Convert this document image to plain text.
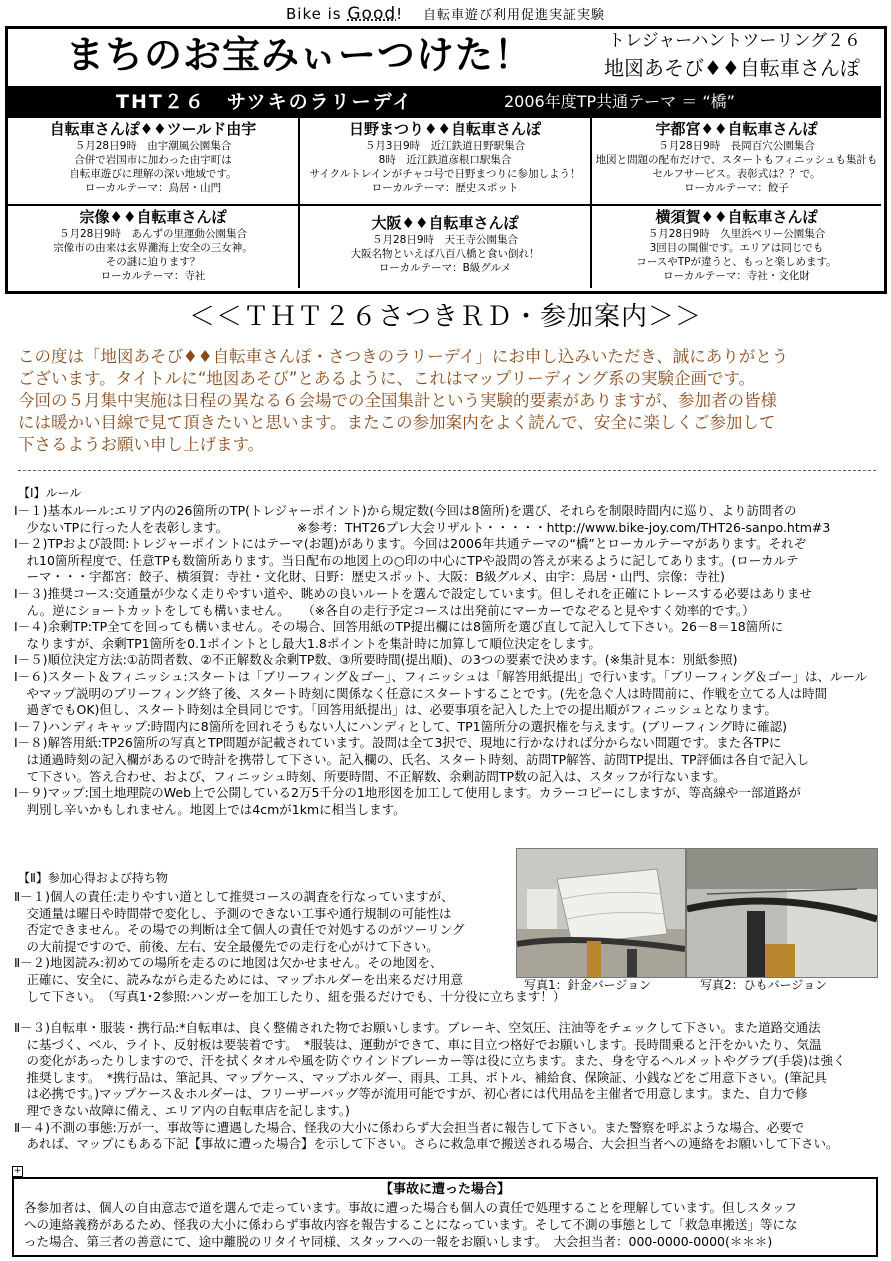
Bike is Good! 自転車遊び利用促進実証実験
まちのお宝みぃーつけた！	トレジャーハントツーリング２６
地図あそび♦♦自転車さんぽ
THT２６　サツキのラリーデイ	2006年度TP共通テーマ ＝ “橋”
自転車さんぽ♦♦ツールド由宇
５月28日9時　由宇潮風公園集合
合併で岩国市に加わった由宇町は
自転車遊びに理解の深い地域です。
ローカルテーマ：鳥居・山門
日野まつり♦♦自転車さんぽ
５月3日9時　近江鉄道日野駅集合
8時　近江鉄道彦根口駅集合
サイクルトレインがチャコ号で日野まつりに参加しよう！
ローカルテーマ：歴史スポット
宇都宮♦♦自転車さんぽ
５月28日9時　長岡百穴公園集合
地図と問題の配布だけで、スタートもフィニッシュも集計も
セルフサービス。表彰式は？？で。
ローカルテーマ：餃子
宗像♦♦自転車さんぽ
５月28日9時　あんずの里運動公園集合
宗像市の由来は玄界灘海上安全の三女神。
その謎に迫ります？
ローカルテーマ：寺社
大阪♦♦自転車さんぽ
５月28日9時　天王寺公園集合
大阪名物といえば八百八橋と食い倒れ！
ローカルテーマ：B級グルメ
横須賀♦♦自転車さんぽ
５月28日9時　久里浜ペリー公園集合
3回目の開催です。エリアは同じでも
コースやTPが違うと、もっと楽しめます。
ローカルテーマ：寺社・文化財
＜＜ＴＨＴ２６さつきＲＤ・参加案内＞＞
この度は「地図あそび♦♦自転車さんぽ・さつきのラリーデイ」にお申し込みいただき、誠にありがとう
ございます。タイトルに“地図あそび”とあるように、これはマップリーディング系の実験企画です。
今回の５月集中実施は日程の異なる６会場での全国集計という実験的要素がありますが、参加者の皆様
には暖かい目線で見て頂きたいと思います。またこの参加案内をよく読んで、安全に楽しくご参加して
下さるようお願い申し上げます。
【Ⅰ】ルール
Ⅰ－１)基本ルール:エリア内の26箇所のTP(トレジャーポイント)から規定数(今回は8箇所)を選び、それらを制限時間内に巡り、より訪問者の
　少ないTPに行った人を表彰します。　　　　　　※参考：THT26プレ大会リザルト・・・・・http://www.bike-joy.com/THT26-sanpo.htm#3
Ⅰ－２)TPおよび設問:トレジャーポイントにはテーマ(お題)があります。今回は2006年共通テーマの“橋”とローカルテーマがあります。それぞ
　れ10箇所程度で、任意TPも数箇所あります。当日配布の地図上の○印の中心にTPや設問の答えが来るように記してあります。(ローカルテ
　ーマ・・・宇都宮：餃子、横須賀：寺社・文化財、日野：歴史スポット、大阪：B級グルメ、由宇：鳥居・山門、宗像：寺社)
Ⅰ－３)推奨コース:交通量が少なく走りやすい道や、眺めの良いルートを選んで設定しています。但しそれを正確にトレースする必要はありませ
　ん。逆にショートカットをしても構いません。　　（※各自の走行予定コースは出発前にマーカーでなぞると見やすく効率的です。）
Ⅰ－４)余剰TP:TP全てを回っても構いません。その場合、回答用紙のTP提出欄には8箇所を選び直して記入して下さい。26－8＝18箇所に
　なりますが、余剰TP1箇所を0.1ポイントとし最大1.8ポイントを集計時に加算して順位決定をします。
Ⅰ－５)順位決定方法:①訪問者数、②不正解数＆余剰TP数、③所要時間(提出順)、の3つの要素で決めます。(※集計見本：別紙参照)
Ⅰ－６)スタート＆フィニッシュ:スタートは「ブリーフィング＆ゴー」、フィニッシュは「解答用紙提出」で行います。「ブリーフィング＆ゴー」は、ルール
　やマップ説明のブリーフィング終了後、スタート時刻に関係なく任意にスタートすることです。(先を急ぐ人は時間前に、作戦を立てる人は時間
　過ぎでもOK)但し、スタート時刻は全員同じです。「回答用紙提出」は、必要事項を記入した上での提出順がフィニッシュとなります。
Ⅰ－７)ハンディキャップ:時間内に8箇所を回れそうもない人にハンディとして、TP1箇所分の選択権を与えます。(ブリーフィング時に確認)
Ⅰ－８)解答用紙:TP26箇所の写真とTP問題が記載されています。設問は全て3択で、現地に行かなければ分からない問題です。また各TPに
　は通過時刻の記入欄があるので時計を携帯して下さい。記入欄の、氏名、スタート時刻、訪問TP解答、訪問TP提出、TP評価は各自で記入し
　て下さい。答え合わせ、および、フィニッシュ時刻、所要時間、不正解数、余剰訪問TP数の記入は、スタッフが行ないます。
Ⅰ－９)マップ:国土地理院のWeb上で公開している2万5千分の1地形図を加工して使用します。カラーコピーにしますが、等高線や一部道路が
　判別し辛いかもしれません。地図上では4cmが1kmに相当します。
【Ⅱ】参加心得および持ち物
Ⅱ－１)個人の責任:走りやすい道として推奨コースの調査を行なっていますが、
　交通量は曜日や時間帯で変化し、予測のできない工事や通行規制の可能性は
　否定できません。その場での判断は全て個人の責任で対処するのがツーリング
　の大前提ですので、前後、左右、安全最優先での走行を心がけて下さい。
Ⅱ－２)地図読み:初めての場所を走るのに地図は欠かせません。その地図を、
　正確に、安全に、読みながら走るためには、マップホルダーを出来るだけ用意
　して下さい。　（写真1･2参照:ハンガーを加工したり、紐を張るだけでも、十分役に立ちます！）
写真1：針金バージョン	写真2：ひもバージョン
Ⅱ－３)自転車・服装・携行品:*自転車は、良く整備された物でお願いします。ブレーキ、空気圧、注油等をチェックして下さい。また道路交通法
　に基づく、ベル、ライト、反射板は要装着です。　*服装は、運動ができて、車に目立つ格好でお願いします。長時間乗ると汗をかいたり、気温
　の変化があったりしますので、汗を拭くタオルや風を防ぐウインドブレーカー等は役に立ちます。また、身を守るヘルメットやグラブ(手袋)は強く
　推奨します。　*携行品は、筆記具、マップケース、マップホルダー、雨具、工具、ボトル、補給食、保険証、小銭などをご用意下さい。(筆記具
　は必携です。)マップケース＆ホルダーは、フリーザーバッグ等が流用可能ですが、初心者には代用品を主催者で用意します。また、自力で修
　理できない故障に備え、エリア内の自転車店を記します。)
Ⅱ－４)不測の事態:万が一、事故等に遭遇した場合、怪我の大小に係わらず大会担当者に報告して下さい。また警察を呼ぶような場合、必要で
　あれば、マップにもある下記【事故に遭った場合】を示して下さい。さらに救急車で搬送される場合、大会担当者への連絡をお願いして下さい。
+
【事故に遭った場合】
各参加者は、個人の自由意志で道を選んで走っています。事故に遭った場合も個人の責任で処理することを理解しています。但しスタッフ
への連絡義務があるため、怪我の大小に係わらず事故内容を報告することになっています。そして不測の事態として「救急車搬送」等にな
った場合、第三者の善意にて、途中離脱のリタイヤ同様、スタッフへの一報をお願いします。　大会担当者：000-0000-0000(＊＊＊)
